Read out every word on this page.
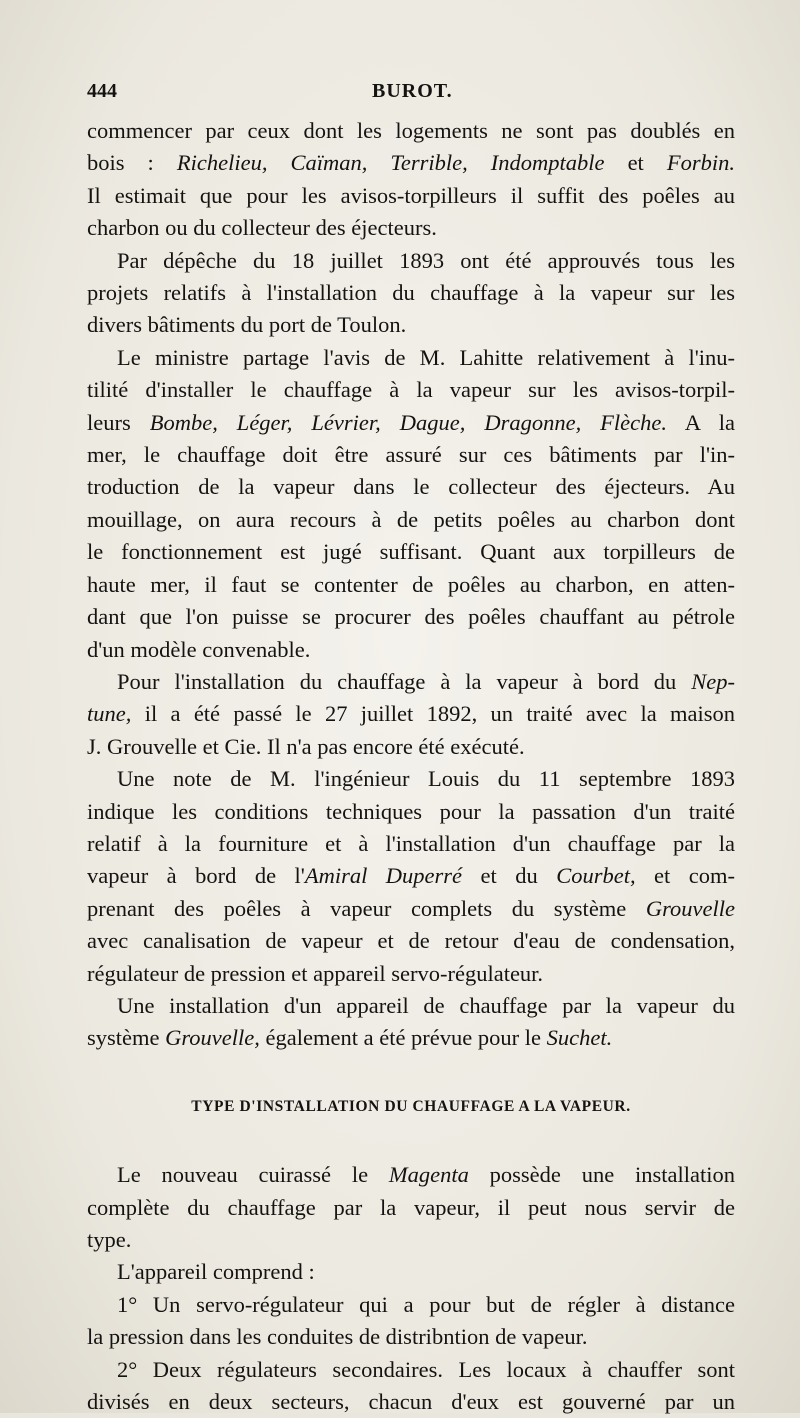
444	BUROT.
commencer par ceux dont les logements ne sont pas doublés en
bois : Richelieu, Caïman, Terrible, Indomptable et Forbin.
Il estimait que pour les avisos-torpilleurs il suffit des poêles au
charbon ou du collecteur des éjecteurs.
Par dépêche du 18 juillet 1893 ont été approuvés tous les
projets relatifs à l'installation du chauffage à la vapeur sur les
divers bâtiments du port de Toulon.
Le ministre partage l'avis de M. Lahitte relativement à l'inu-
tilité d'installer le chauffage à la vapeur sur les avisos-torpil-
leurs Bombe, Léger, Lévrier, Dague, Dragonne, Flèche. A la
mer, le chauffage doit être assuré sur ces bâtiments par l'in-
troduction de la vapeur dans le collecteur des éjecteurs. Au
mouillage, on aura recours à de petits poêles au charbon dont
le fonctionnement est jugé suffisant. Quant aux torpilleurs de
haute mer, il faut se contenter de poêles au charbon, en atten-
dant que l'on puisse se procurer des poêles chauffant au pétrole
d'un modèle convenable.
Pour l'installation du chauffage à la vapeur à bord du Nep-
tune, il a été passé le 27 juillet 1892, un traité avec la maison
J. Grouvelle et Cie. Il n'a pas encore été exécuté.
Une note de M. l'ingénieur Louis du 11 septembre 1893
indique les conditions techniques pour la passation d'un traité
relatif à la fourniture et à l'installation d'un chauffage par la
vapeur à bord de l'Amiral Duperré et du Courbet, et com-
prenant des poêles à vapeur complets du système Grouvelle
avec canalisation de vapeur et de retour d'eau de condensation,
régulateur de pression et appareil servo-régulateur.
Une installation d'un appareil de chauffage par la vapeur du
système Grouvelle, également a été prévue pour le Suchet.
TYPE D'INSTALLATION DU CHAUFFAGE A LA VAPEUR.
Le nouveau cuirassé le Magenta possède une installation
complète du chauffage par la vapeur, il peut nous servir de
type.
L'appareil comprend :
1° Un servo-régulateur qui a pour but de régler à distance
la pression dans les conduites de distribntion de vapeur.
2° Deux régulateurs secondaires. Les locaux à chauffer sont
divisés en deux secteurs, chacun d'eux est gouverné par un
